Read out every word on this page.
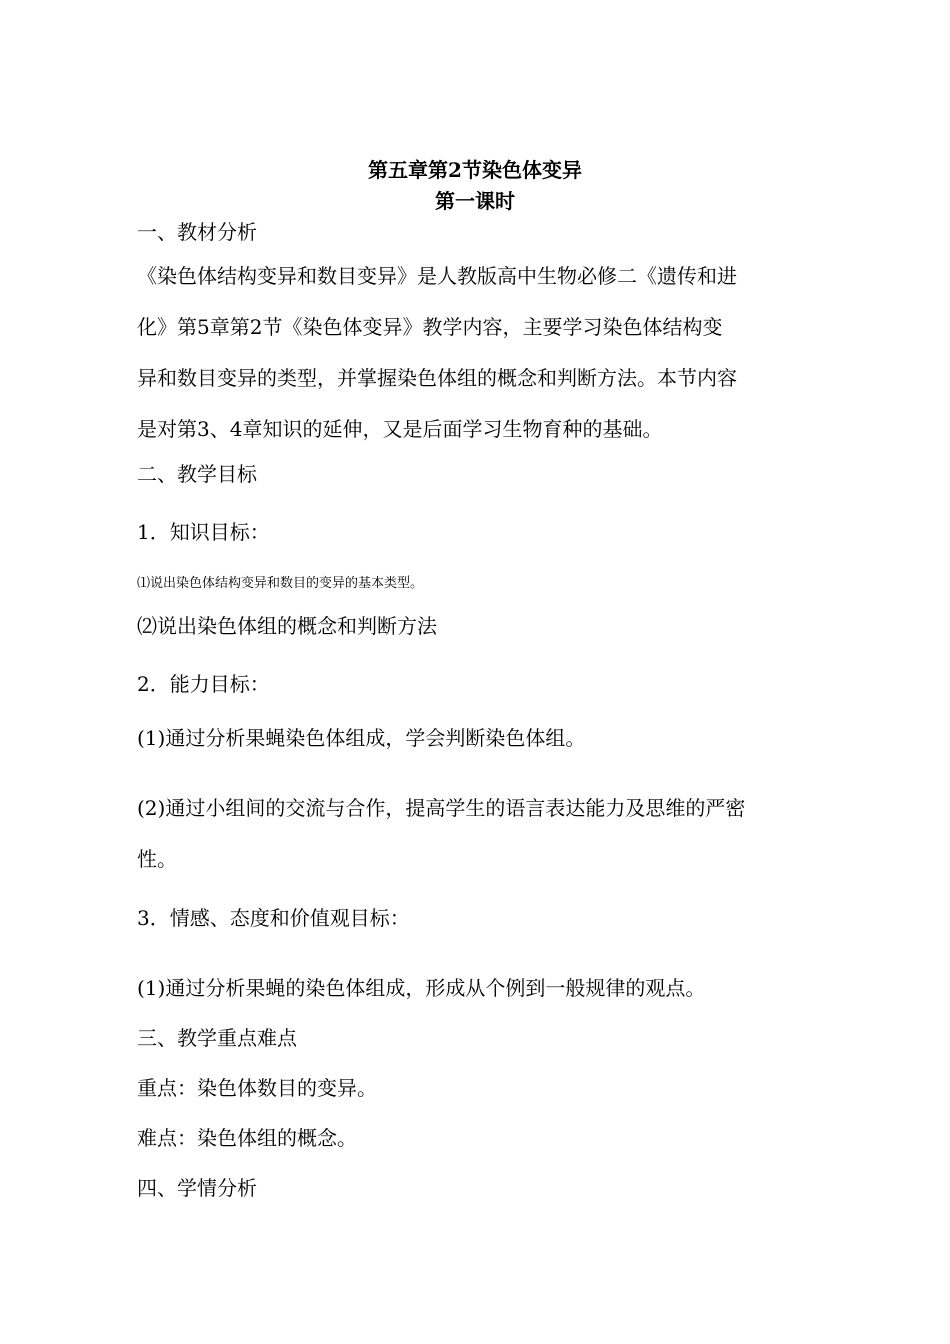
第五章第2节染色体变异
第一课时
一、教材分析
《染色体结构变异和数目变异》是人教版高中生物必修二《遗传和进
化》第5章第2节《染色体变异》教学内容，主要学习染色体结构变
异和数目变异的类型，并掌握染色体组的概念和判断方法。本节内容
是对第3、4章知识的延伸，又是后面学习生物育种的基础。
二、教学目标
1．知识目标：
⑴说出染色体结构变异和数目的变异的基本类型。
⑵说出染色体组的概念和判断方法
2．能力目标：
(1)通过分析果蝇染色体组成，学会判断染色体组。
(2)通过小组间的交流与合作，提高学生的语言表达能力及思维的严密
性。
3．情感、态度和价值观目标：
(1)通过分析果蝇的染色体组成，形成从个例到一般规律的观点。
三、教学重点难点
重点：染色体数目的变异。
难点：染色体组的概念。
四、学情分析
